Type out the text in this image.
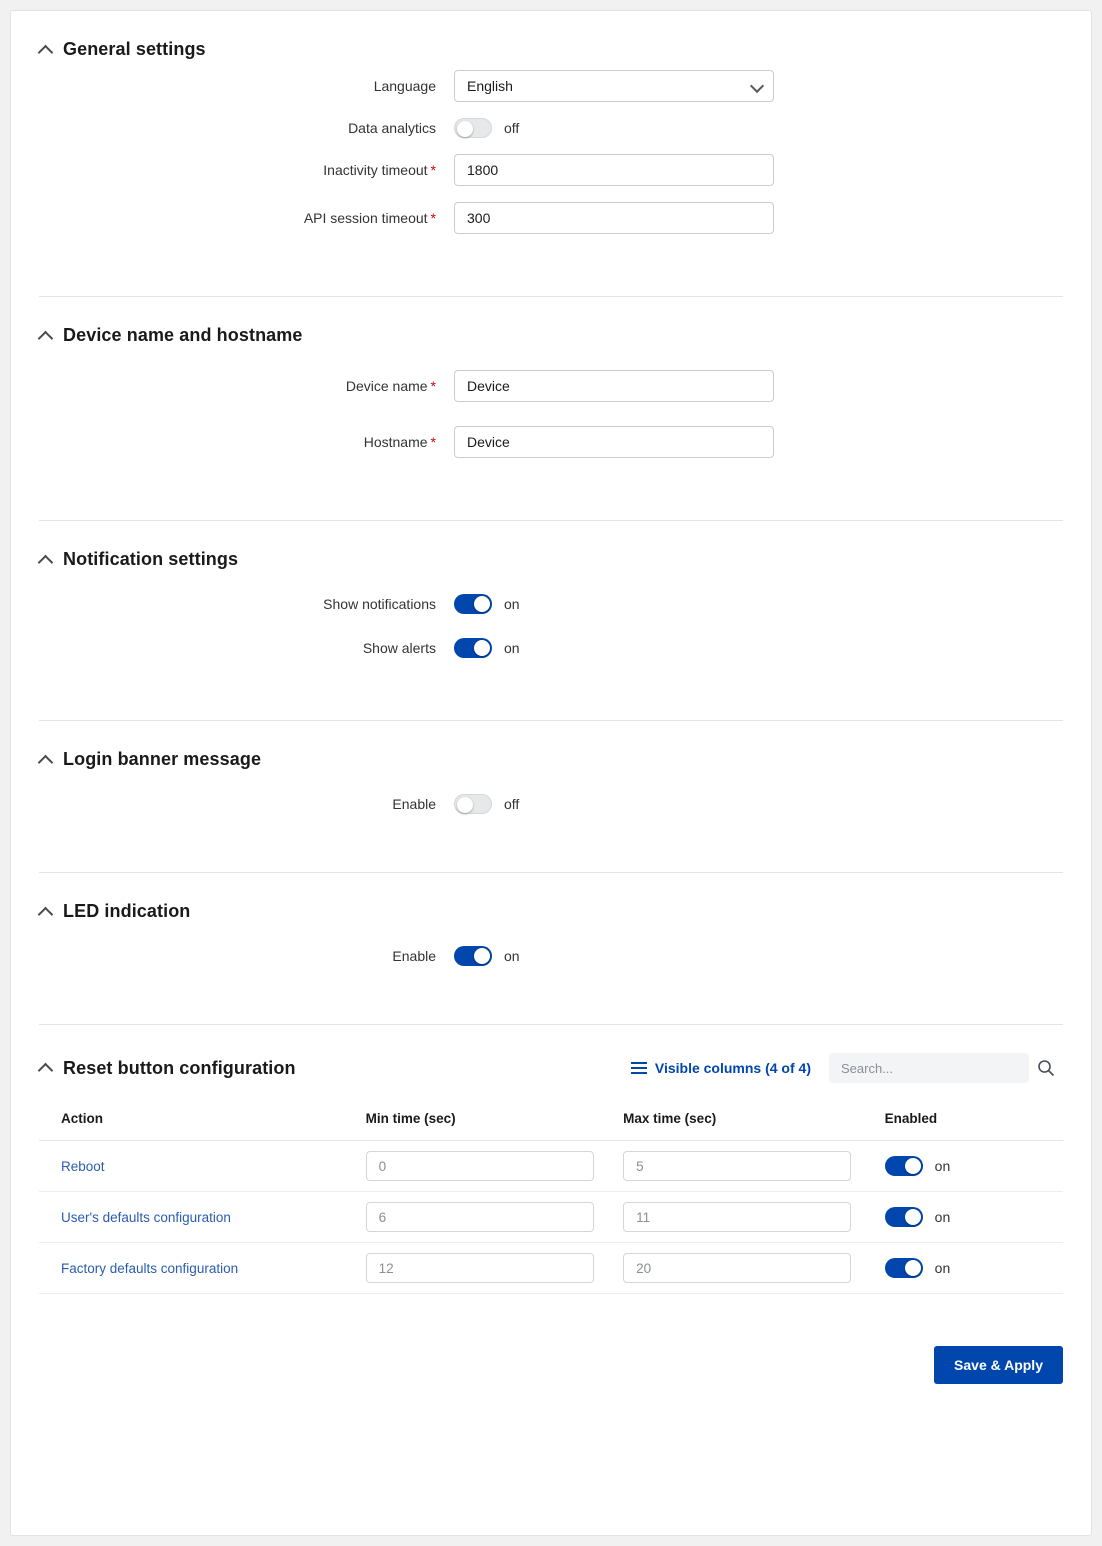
General settings
Language	English
Data analytics	off
Inactivity timeout *
1800
API session timeout *
300
Device name and hostname
Device name *
Device
Hostname *
Device
Notification settings
Show notifications	on
Show alerts	on
Login banner message
Enable	off
LED indication
Enable	on
Reset button configuration	Visible columns (4 of 4)	Search...
Action	Min time (sec)	Max time (sec)	Enabled
Reboot	0	5	on

User's defaults configuration	6	11	on

Factory defaults configuration	12	20	on
Save & Apply
